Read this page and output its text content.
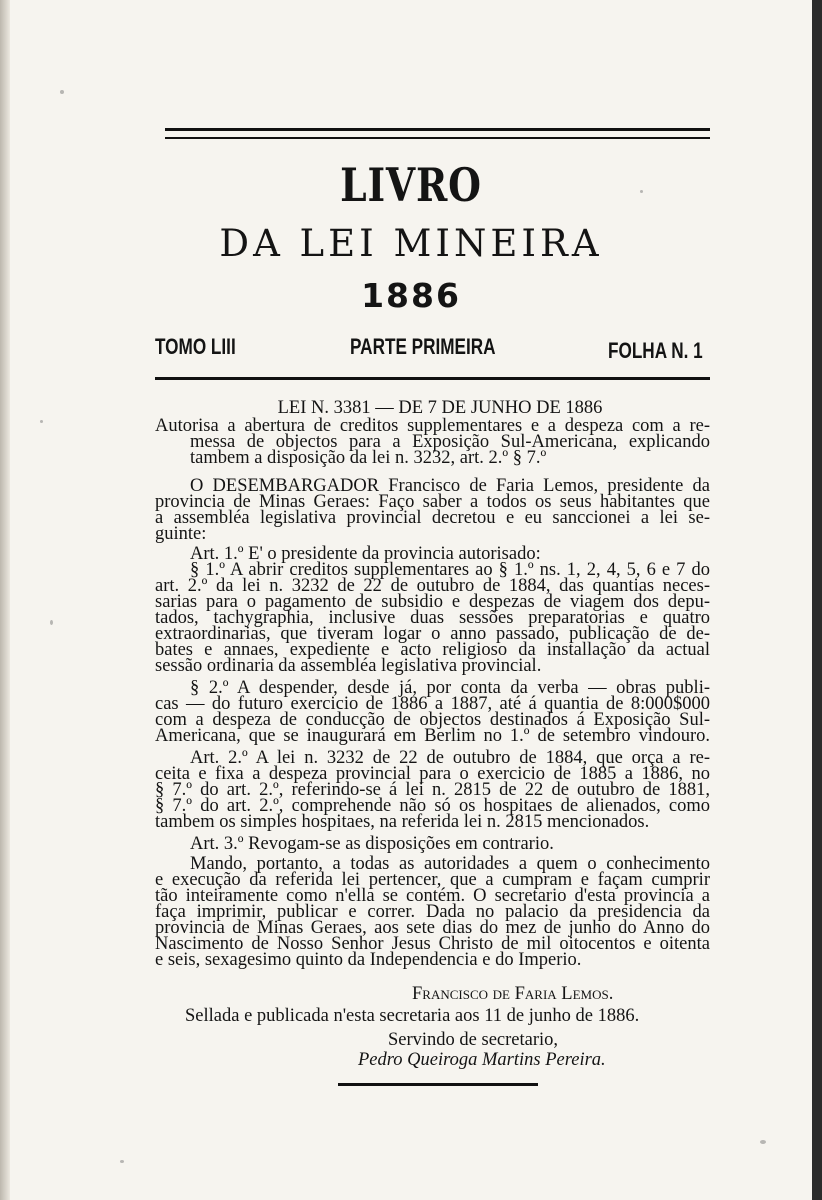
LIVRO
DA LEI MINEIRA
1886
TOMO LIII	PARTE PRIMEIRA	FOLHA N. 1
LEI N. 3381 — DE 7 DE JUNHO DE 1886
Autorisa a abertura de creditos supplementares e a despeza com a re-
messa de objectos para a Exposição Sul-Americana, explicando
tambem a disposição da lei n. 3232, art. 2.º § 7.º
O DESEMBARGADOR Francisco de Faria Lemos, presidente da
provincia de Minas Geraes: Faço saber a todos os seus habitantes que
a assembléa legislativa provincial decretou e eu sanccionei a lei se-
guinte:
Art. 1.º E' o presidente da provincia autorisado:
§ 1.º A abrir creditos supplementares ao § 1.º ns. 1, 2, 4, 5, 6 e 7 do
art. 2.º da lei n. 3232 de 22 de outubro de 1884, das quantias neces-
sarias para o pagamento de subsidio e despezas de viagem dos depu-
tados, tachygraphia, inclusive duas sessões preparatorias e quatro
extraordinarias, que tiveram logar o anno passado, publicação de de-
bates e annaes, expediente e acto religioso da installação da actual
sessão ordinaria da assembléa legislativa provincial.
§ 2.º A despender, desde já, por conta da verba — obras publi-
cas — do futuro exercicio de 1886 a 1887, até á quantia de 8:000$000
com a despeza de conducção de objectos destinados á Exposição Sul-
Americana, que se inaugurará em Berlim no 1.º de setembro vindouro.
Art. 2.º A lei n. 3232 de 22 de outubro de 1884, que orça a re-
ceita e fixa a despeza provincial para o exercicio de 1885 a 1886, no
§ 7.º do art. 2.º, referindo-se á lei n. 2815 de 22 de outubro de 1881,
§ 7.º do art. 2.º, comprehende não só os hospitaes de alienados, como
tambem os simples hospitaes, na referida lei n. 2815 mencionados.
Art. 3.º Revogam-se as disposições em contrario.
Mando, portanto, a todas as autoridades a quem o conhecimento
e execução da referida lei pertencer, que a cumpram e façam cumprir
tão inteiramente como n'ella se contém. O secretario d'esta provincia a
faça imprimir, publicar e correr. Dada no palacio da presidencia da
provincia de Minas Geraes, aos sete dias do mez de junho do Anno do
Nascimento de Nosso Senhor Jesus Christo de mil oitocentos e oitenta
e seis, sexagesimo quinto da Independencia e do Imperio.
Francisco de Faria Lemos.
Sellada e publicada n'esta secretaria aos 11 de junho de 1886.
Servindo de secretario,
Pedro Queiroga Martins Pereira.
